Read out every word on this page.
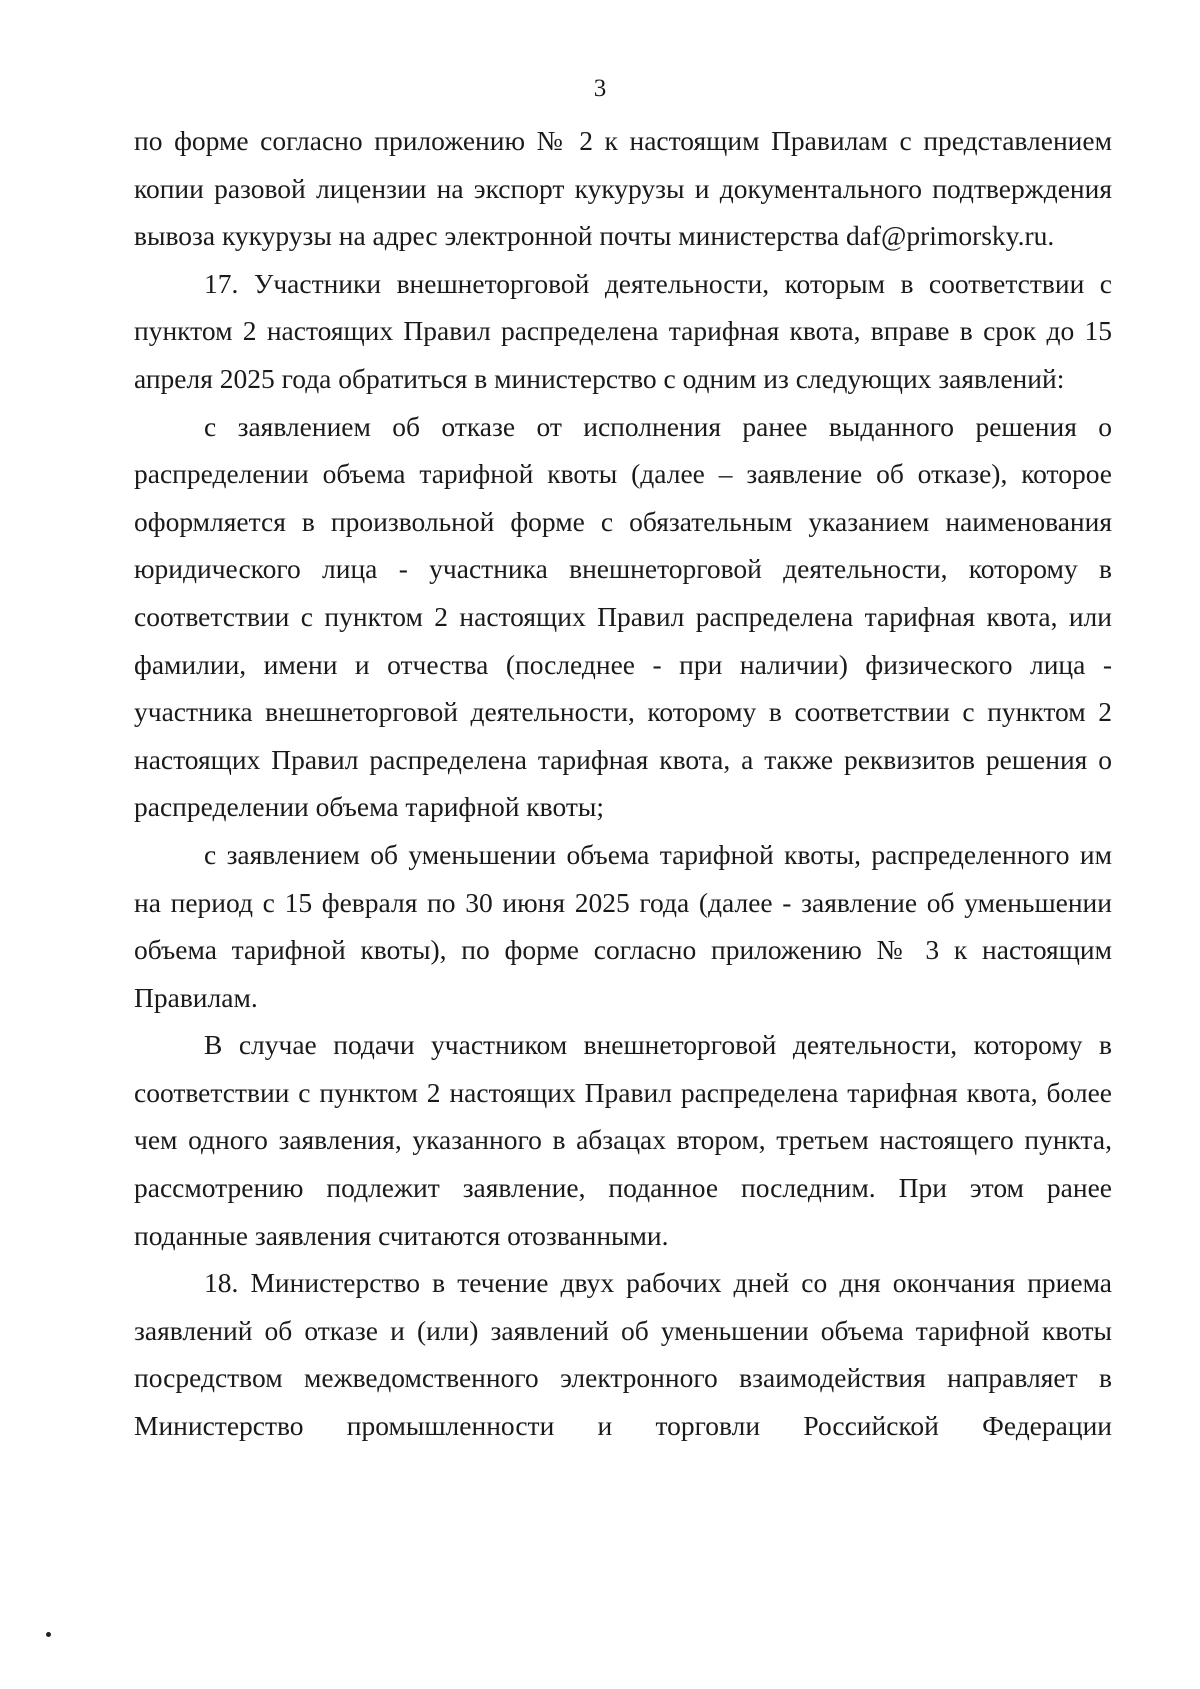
3

по форме согласно приложению № 2 к настоящим Правилам с представлением копии разовой лицензии на экспорт кукурузы и документального подтверждения вывоза кукурузы на адрес электронной почты министерства daf@primorsky.ru.

17. Участники внешнеторговой деятельности, которым в соответствии с пунктом 2 настоящих Правил распределена тарифная квота, вправе в срок до 15 апреля 2025 года обратиться в министерство с одним из следующих заявлений:

с заявлением об отказе от исполнения ранее выданного решения о распределении объема тарифной квоты (далее – заявление об отказе), которое оформляется в произвольной форме с обязательным указанием наименования юридического лица - участника внешнеторговой деятельности, которому в соответствии с пунктом 2 настоящих Правил распределена тарифная квота, или фамилии, имени и отчества (последнее - при наличии) физического лица - участника внешнеторговой деятельности, которому в соответствии с пунктом 2 настоящих Правил распределена тарифная квота, а также реквизитов решения о распределении объема тарифной квоты;

с заявлением об уменьшении объема тарифной квоты, распределенного им на период с 15 февраля по 30 июня 2025 года (далее - заявление об уменьшении объема тарифной квоты), по форме согласно приложению № 3 к настоящим Правилам.

В случае подачи участником внешнеторговой деятельности, которому в соответствии с пунктом 2 настоящих Правил распределена тарифная квота, более чем одного заявления, указанного в абзацах втором, третьем настоящего пункта, рассмотрению подлежит заявление, поданное последним. При этом ранее поданные заявления считаются отозванными.

18. Министерство в течение двух рабочих дней со дня окончания приема заявлений об отказе и (или) заявлений об уменьшении объема тарифной квоты посредством межведомственного электронного взаимодействия направляет в Министерство промышленности и торговли Российской Федерации
